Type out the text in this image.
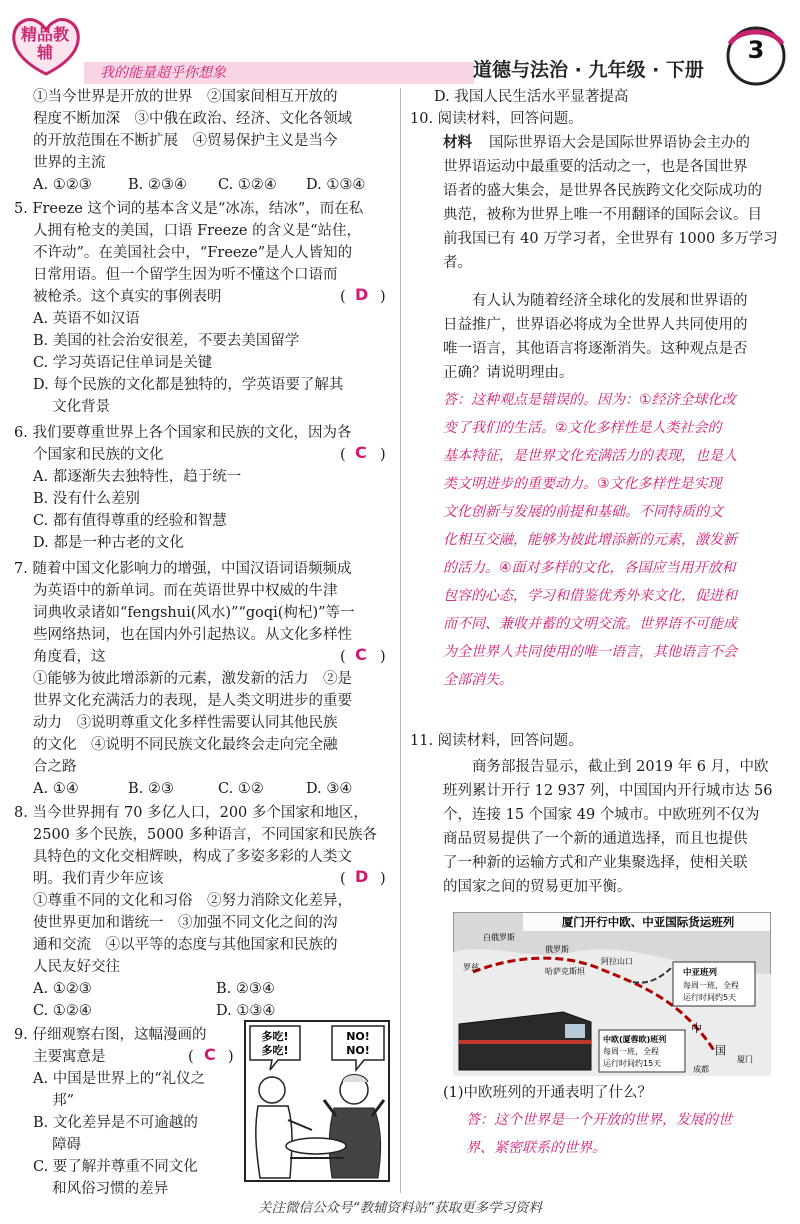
精品教辅
我的能量超乎你想象	道德与法治 · 九年级 · 下册
3
①当今世界是开放的世界　②国家间相互开放的
程度不断加深　③中俄在政治、经济、文化各领域
的开放范围在不断扩展　④贸易保护主义是当今
世界的主流
A. ①②③	B. ②③④ C. ①②④ D. ①③④
5. Freeze 这个词的基本含义是“冰冻，结冰”，而在私
人拥有枪支的美国，口语 Freeze 的含义是“站住，
不许动”。在美国社会中，“Freeze”是人人皆知的
日常用语。但一个留学生因为听不懂这个口语而
被枪杀。这个真实的事例表明	( D )
A. 英语不如汉语
B. 美国的社会治安很差，不要去美国留学
C. 学习英语记住单词是关键
D. 每个民族的文化都是独特的，学英语要了解其
　 文化背景
6. 我们要尊重世界上各个国家和民族的文化，因为各
个国家和民族的文化	( C )
A. 都逐渐失去独特性，趋于统一
B. 没有什么差别
C. 都有值得尊重的经验和智慧
D. 都是一种古老的文化
7. 随着中国文化影响力的增强，中国汉语词语频频成
为英语中的新单词。而在英语世界中权威的牛津
词典收录诸如“fengshui(风水)”“goqi(枸杞)”等一
些网络热词，也在国内外引起热议。从文化多样性
角度看，这	( C )
①能够为彼此增添新的元素，激发新的活力　②是
世界文化充满活力的表现，是人类文明进步的重要
动力　③说明尊重文化多样性需要认同其他民族
的文化　④说明不同民族文化最终会走向完全融
合之路
A. ①④	B. ②③	C. ①②	D. ③④
8. 当今世界拥有 70 多亿人口，200 多个国家和地区，
2500 多个民族，5000 多种语言，不同国家和民族各
具特色的文化交相辉映，构成了多姿多彩的人类文
明。我们青少年应该	( D )
①尊重不同的文化和习俗　②努力消除文化差异，
使世界更加和谐统一　③加强不同文化之间的沟
通和交流　④以平等的态度与其他国家和民族的
人民友好交往
A. ①②③	B. ②③④
C. ①②④	D. ①③④
9. 仔细观察右图，这幅漫画的
主要寓意是	( C )
A. 中国是世界上的“礼仪之
　 邦”
B. 文化差异是不可逾越的
　 障碍
C. 要了解并尊重不同文化
　 和风俗习惯的差异
多吃!
多吃!
NO!
NO!
D. 我国人民生活水平显著提高
10. 阅读材料，回答问题。
材料 国际世界语大会是国际世界语协会主办的
世界语运动中最重要的活动之一，也是各国世界
语者的盛大集会，是世界各民族跨文化交际成功的
典范，被称为世界上唯一不用翻译的国际会议。目
前我国已有 40 万学习者，全世界有 1000 多万学习
者。
有人认为随着经济全球化的发展和世界语的
日益推广，世界语必将成为全世界人共同使用的
唯一语言，其他语言将逐渐消失。这种观点是否
正确？请说明理由。
答：这种观点是错误的。因为：①经济全球化改
变了我们的生活。②文化多样性是人类社会的
基本特征，是世界文化充满活力的表现，也是人
类文明进步的重要动力。③文化多样性是实现
文化创新与发展的前提和基础。不同特质的文
化相互交融，能够为彼此增添新的元素，激发新
的活力。④面对多样的文化，各国应当用开放和
包容的心态，学习和借鉴优秀外来文化，促进和
而不同、兼收并蓄的文明交流。世界语不可能成
为全世界人共同使用的唯一语言，其他语言不会
全部消失。
11. 阅读材料，回答问题。
商务部报告显示，截止到 2019 年 6 月，中欧
班列累计开行 12 937 列，中国国内开行城市达 56
个，连接 15 个国家 49 个城市。中欧班列不仅为
商品贸易提供了一个新的通道选择，而且也提供
了一种新的运输方式和产业集聚选择，使相关联
的国家之间的贸易更加平衡。
厦门开行中欧、中亚国际货运班列
白俄罗斯
俄罗斯
罗兹	哈萨克斯坦
阿拉山口
中
国
成都
厦门
中亚班列
每周一班，全程
运行时间约5天
中欧(厦蓉欧)班列
每周一班，全程
运行时间约15天
(1)中欧班列的开通表明了什么？
答：这个世界是一个开放的世界，发展的世
界、紧密联系的世界。
关注微信公众号“教辅资料站”获取更多学习资料
